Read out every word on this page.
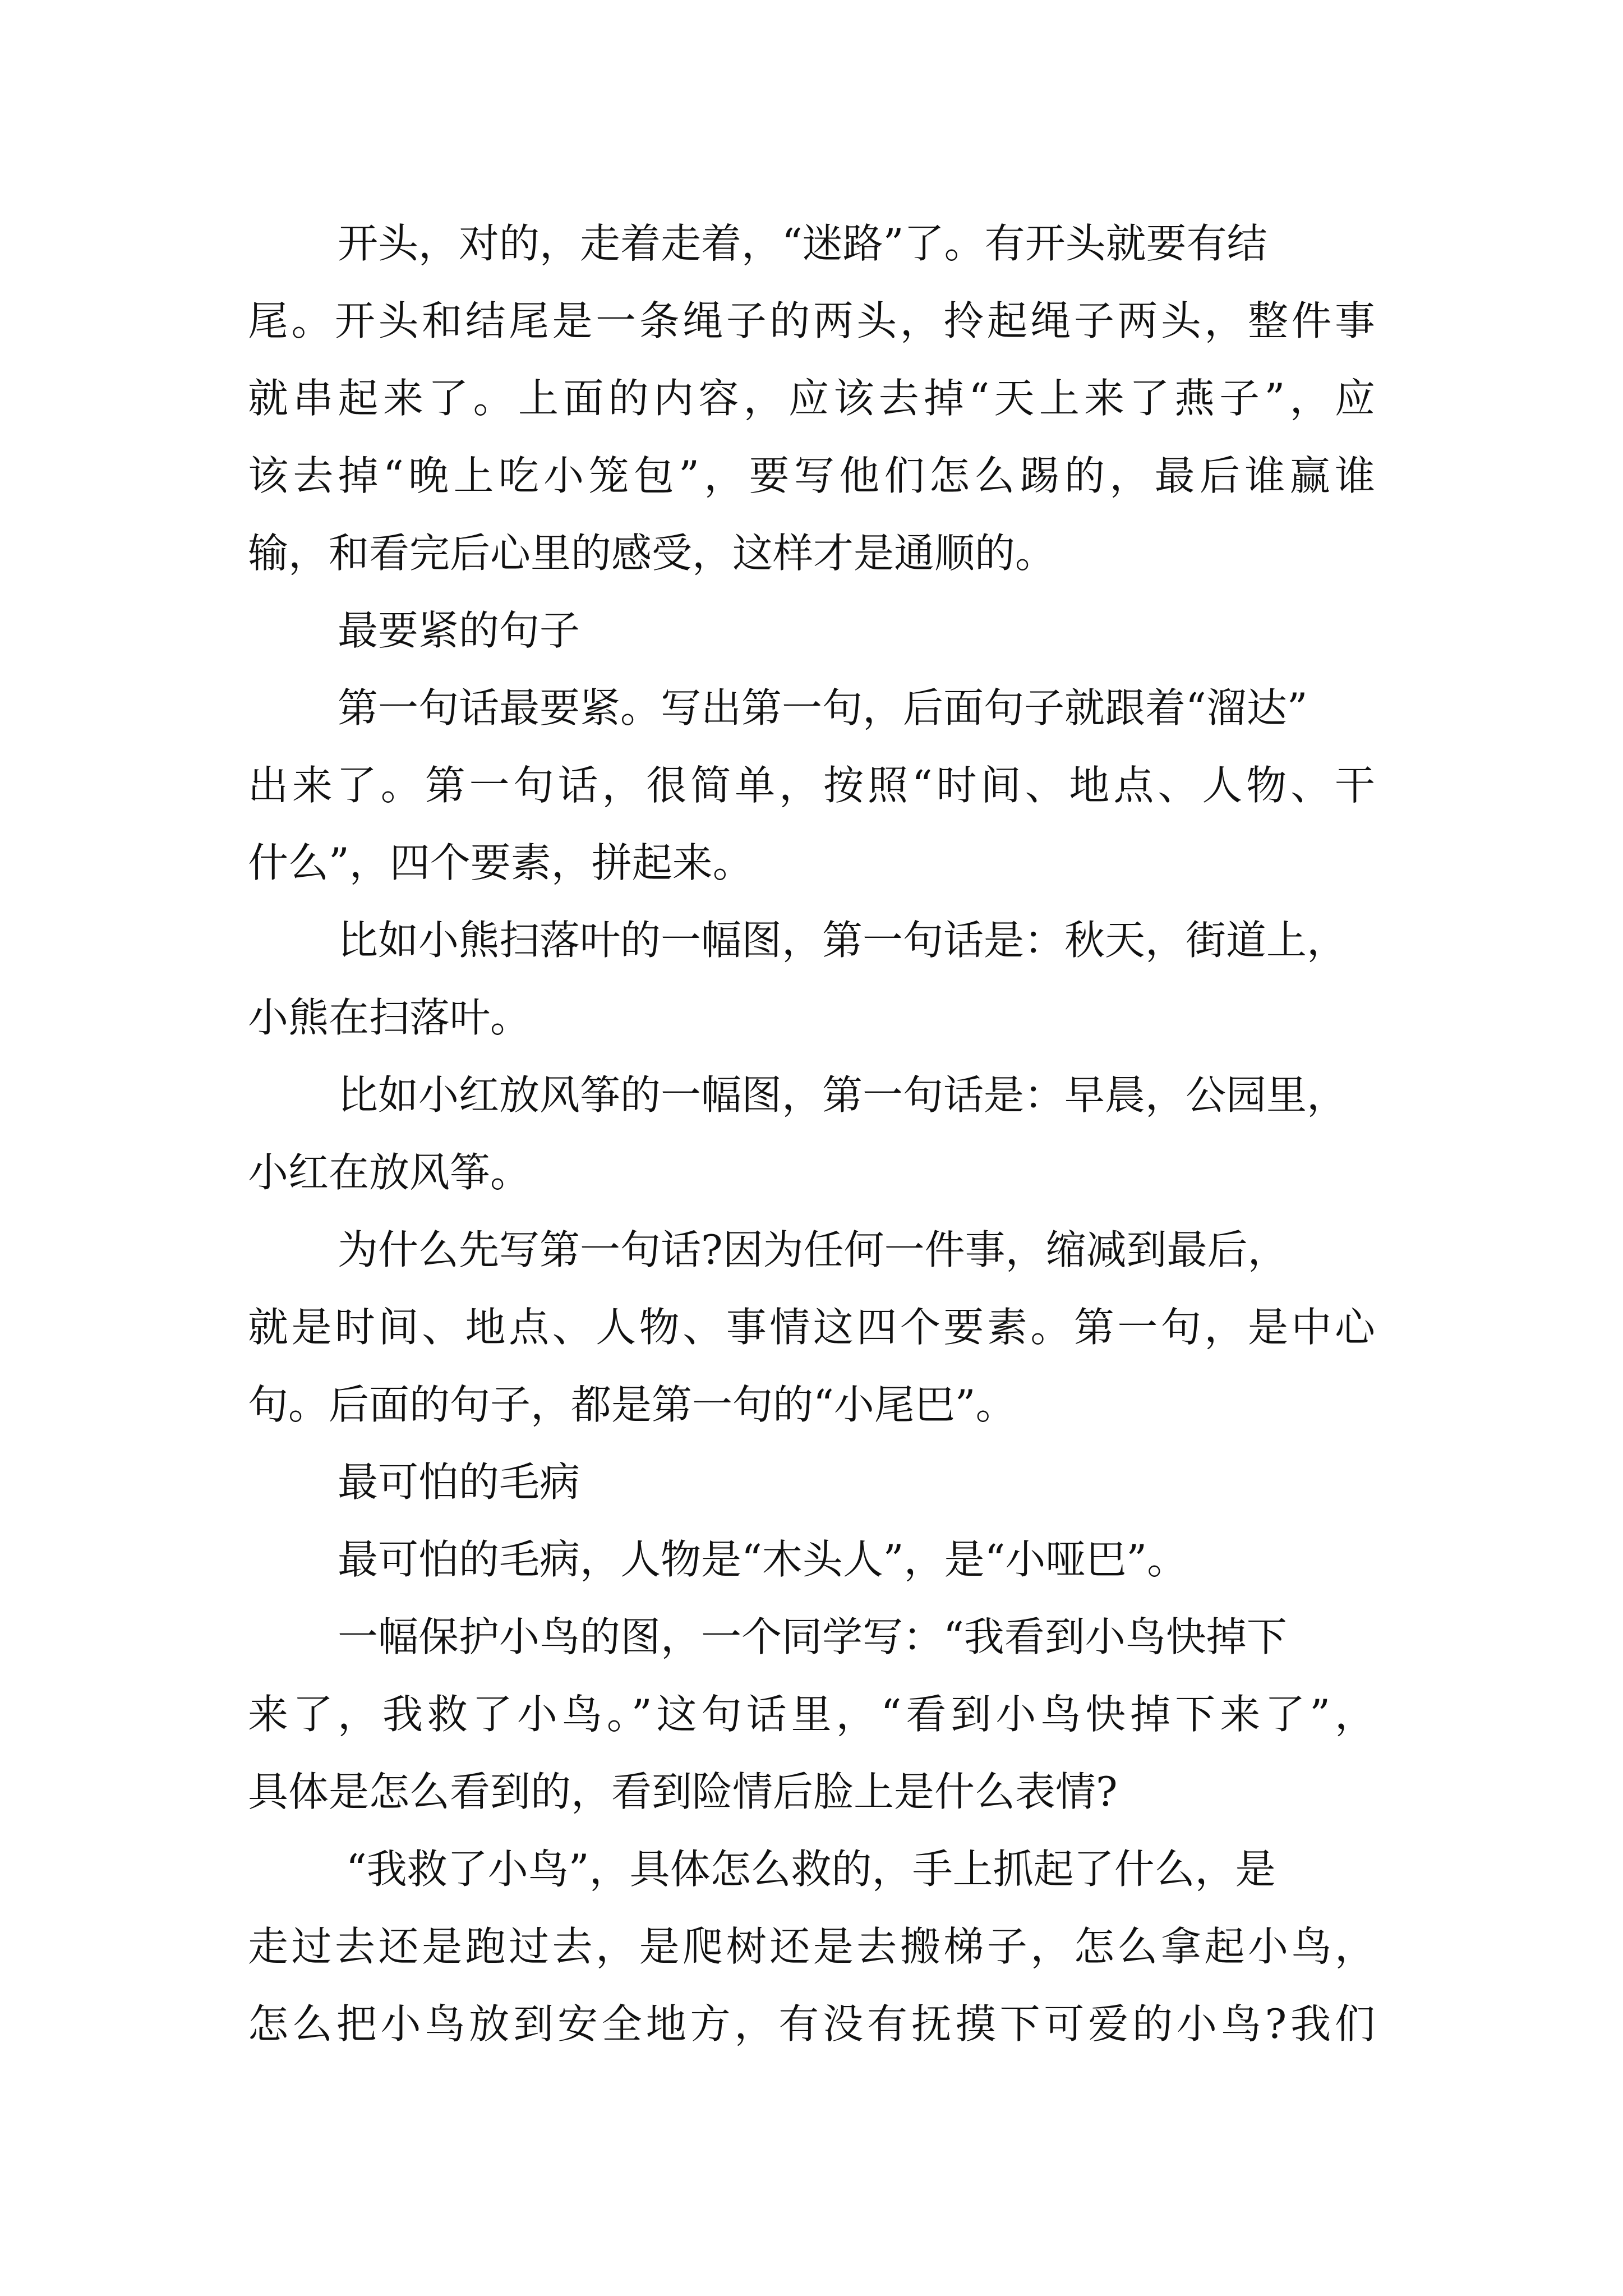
开头，对的，走着走着，“迷路”了。有开头就要有结
尾。开头和结尾是一条绳子的两头，拎起绳子两头，整件事
就串起来了。上面的内容，应该去掉“天上来了燕子”，应
该去掉“晚上吃小笼包”，要写他们怎么踢的，最后谁赢谁
输，和看完后心里的感受，这样才是通顺的。
最要紧的句子
第一句话最要紧。写出第一句，后面句子就跟着“溜达”
出来了。第一句话，很简单，按照“时间、地点、人物、干
什么”，四个要素，拼起来。
比如小熊扫落叶的一幅图，第一句话是：秋天，街道上，
小熊在扫落叶。
比如小红放风筝的一幅图，第一句话是：早晨，公园里，
小红在放风筝。
为什么先写第一句话?因为任何一件事，缩减到最后，
就是时间、地点、人物、事情这四个要素。第一句，是中心
句。后面的句子，都是第一句的“小尾巴”。
最可怕的毛病
最可怕的毛病，人物是“木头人”，是“小哑巴”。
一幅保护小鸟的图，一个同学写：“我看到小鸟快掉下
来了，我救了小鸟。”这句话里，“看到小鸟快掉下来了”，
具体是怎么看到的，看到险情后脸上是什么表情?
“我救了小鸟”，具体怎么救的，手上抓起了什么，是
走过去还是跑过去，是爬树还是去搬梯子，怎么拿起小鸟，
怎么把小鸟放到安全地方，有没有抚摸下可爱的小鸟?我们
